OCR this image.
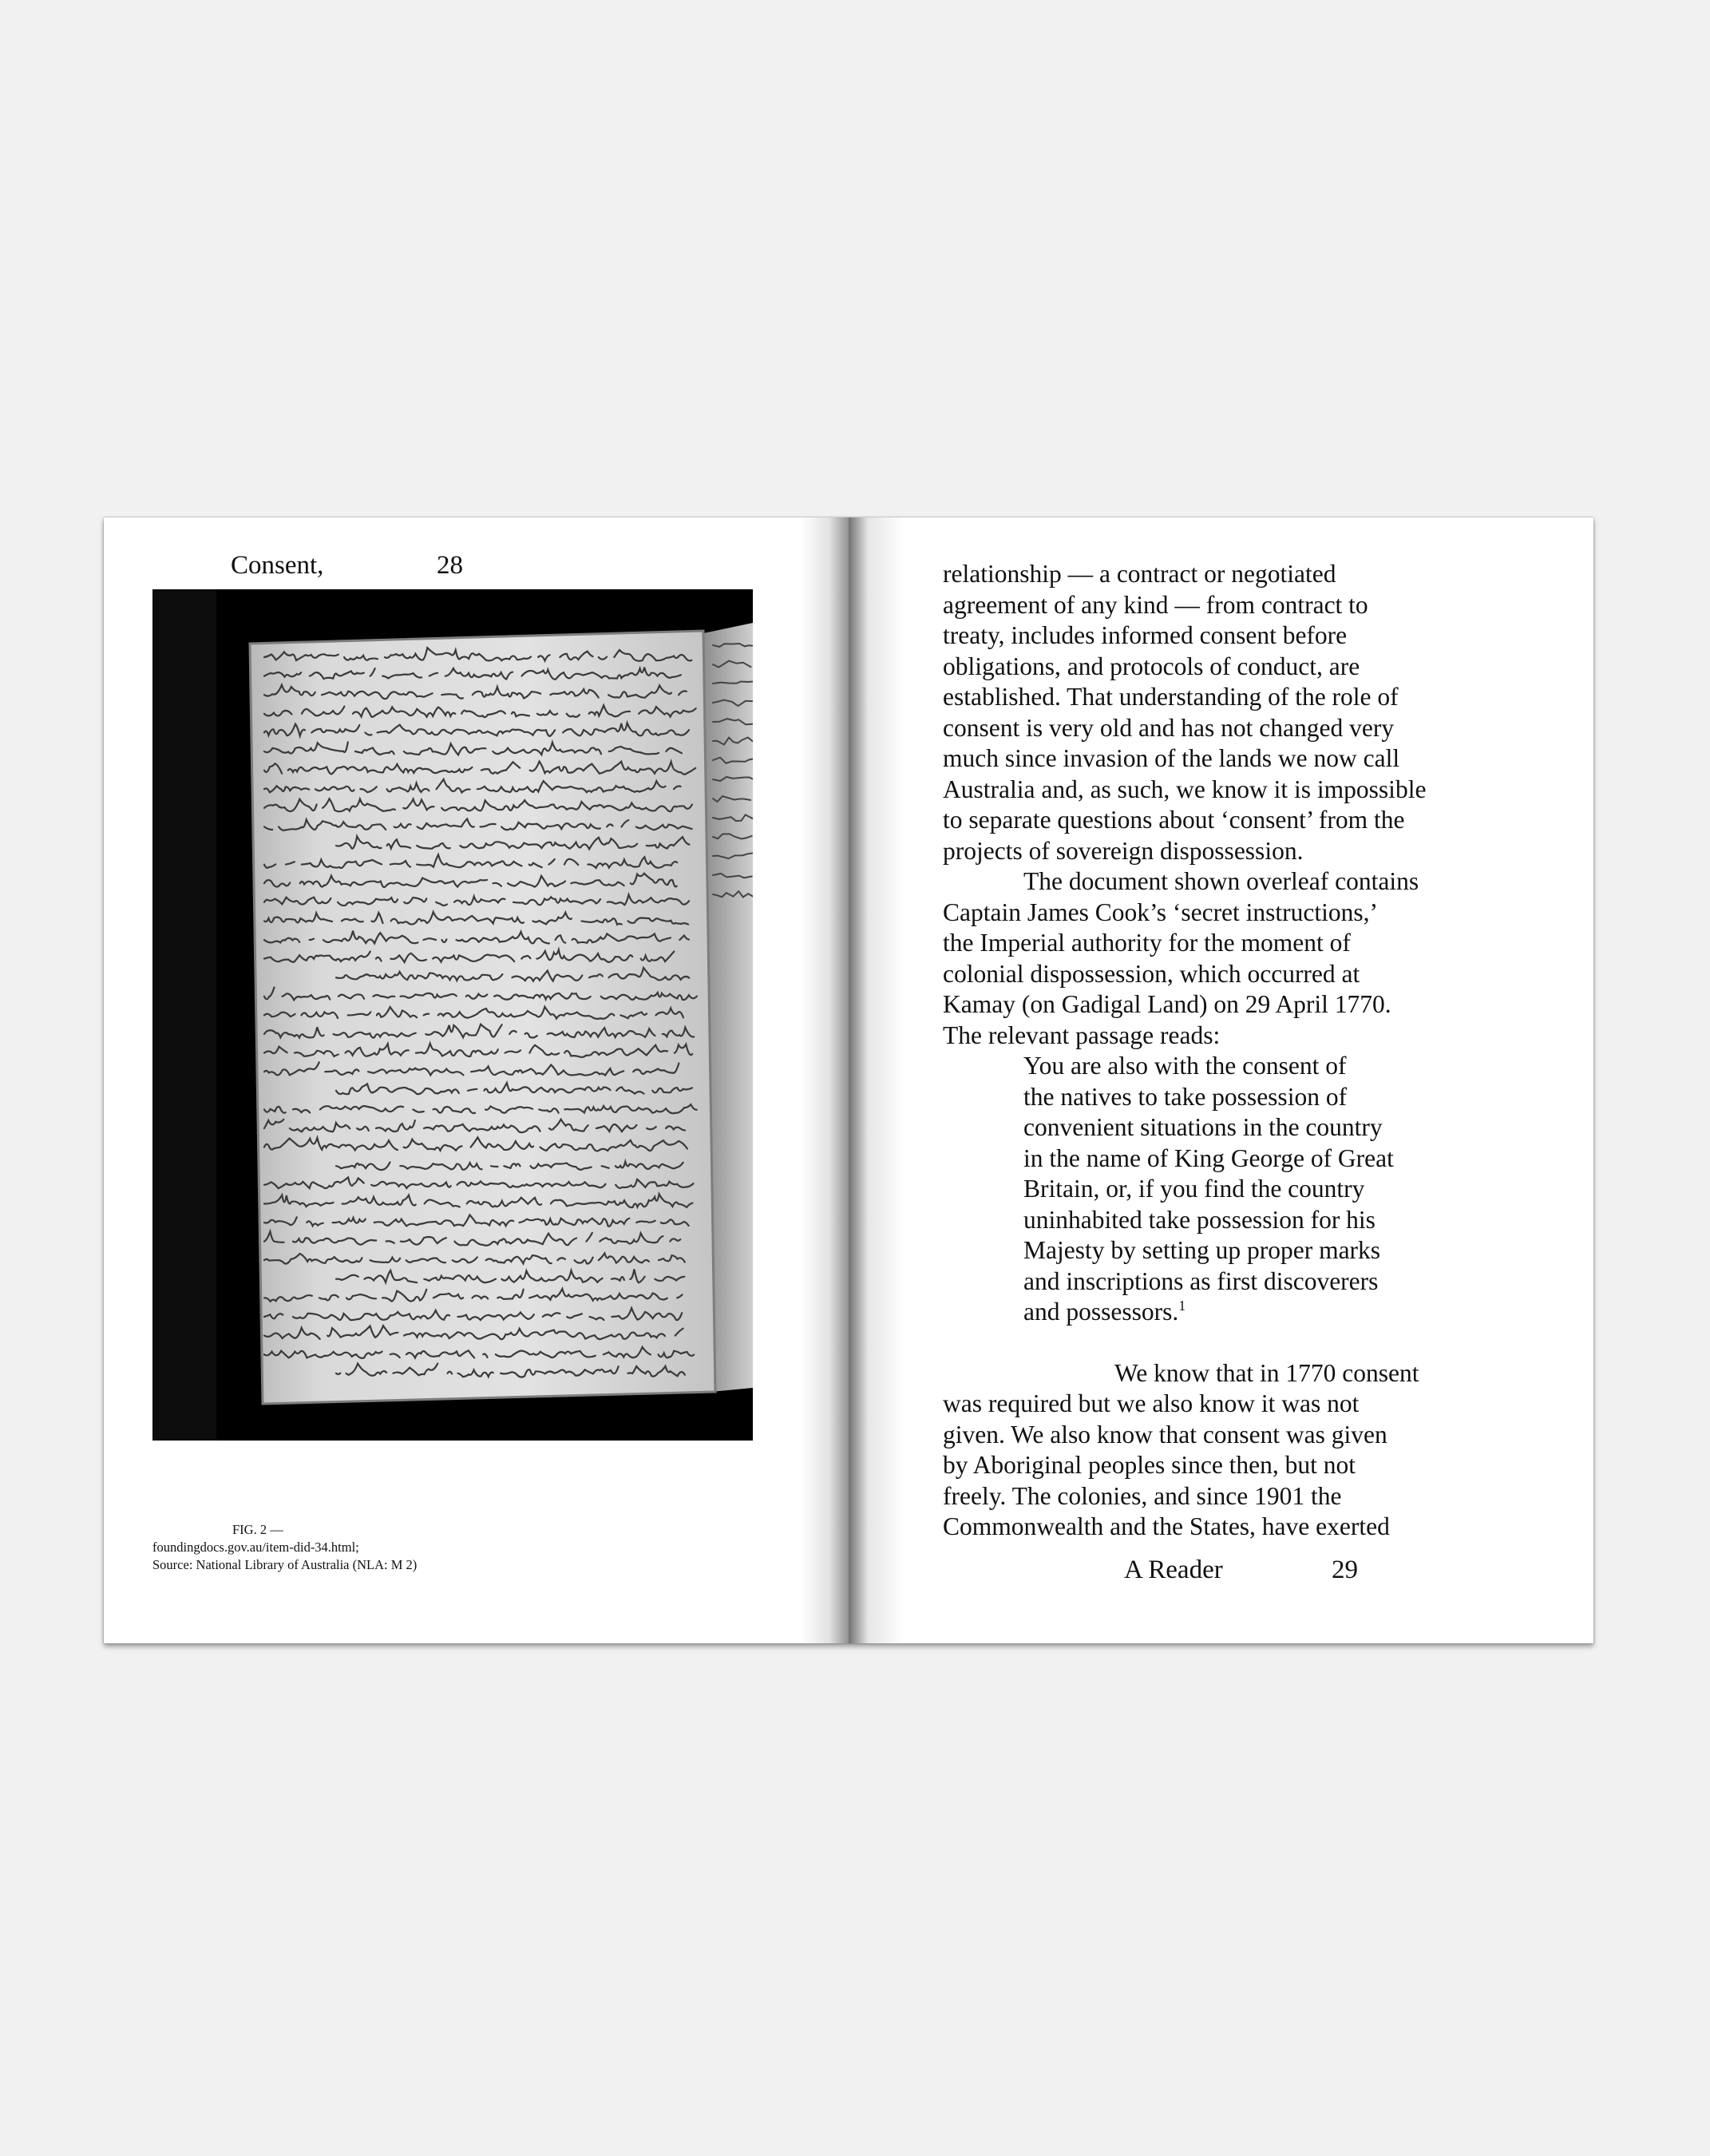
Consent,	28
FIG. 2 —
foundingdocs.gov.au/item-did-34.html;
Source: National Library of Australia (NLA: M 2)	A Reader	29
relationship — a contract or negotiated
agreement of any kind — from contract to
treaty, includes informed consent before
obligations, and protocols of conduct, are
established. That understanding of the role of
consent is very old and has not changed very
much since invasion of the lands we now call
Australia and, as such, we know it is impossible
to separate questions about ‘consent’ from the
projects of sovereign dispossession.
The document shown overleaf contains
Captain James Cook’s ‘secret instructions,’
the Imperial authority for the moment of
colonial dispossession, which occurred at
Kamay (on Gadigal Land) on 29 April 1770.
The relevant passage reads:
You are also with the consent of
the natives to take possession of
convenient situations in the country
in the name of King George of Great
Britain, or, if you find the country
uninhabited take possession for his
Majesty by setting up proper marks
and inscriptions as first discoverers
and possessors.$^1$
We know that in 1770 consent
was required but we also know it was not
given. We also know that consent was given
by Aboriginal peoples since then, but not
freely. The colonies, and since 1901 the
Commonwealth and the States, have exerted
